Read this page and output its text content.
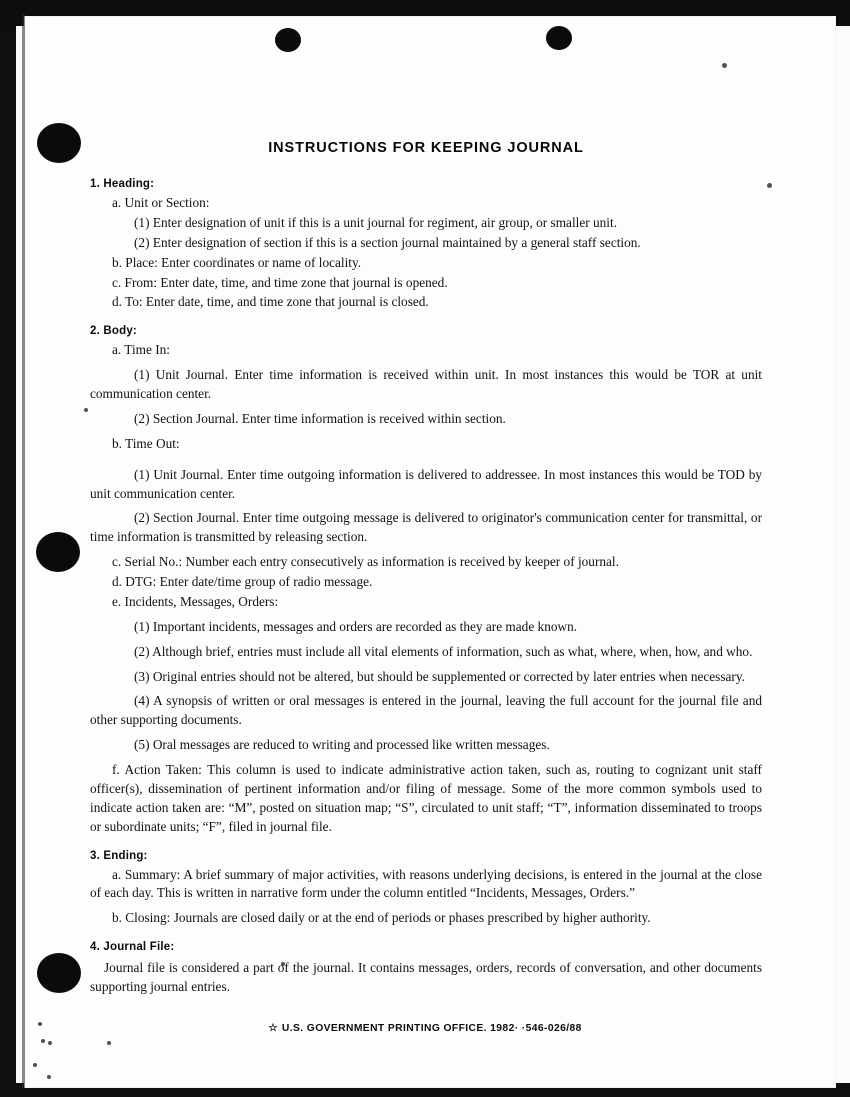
INSTRUCTIONS FOR KEEPING JOURNAL
1. Heading:

a. Unit or Section:

(1) Enter designation of unit if this is a unit journal for regiment, air group, or smaller unit.

(2) Enter designation of section if this is a section journal maintained by a general staff section.

b. Place: Enter coordinates or name of locality.

c. From: Enter date, time, and time zone that journal is opened.

d. To: Enter date, time, and time zone that journal is closed.

2. Body:

a. Time In:

(1) Unit Journal. Enter time information is received within unit. In most instances this would be TOR at unit communication center.

(2) Section Journal. Enter time information is received within section.

b. Time Out:

(1) Unit Journal. Enter time outgoing information is delivered to addressee. In most instances this would be TOD by unit communication center.

(2) Section Journal. Enter time outgoing message is delivered to originator's communication center for transmittal, or time information is transmitted by releasing section.

c. Serial No.: Number each entry consecutively as information is received by keeper of journal.

d. DTG: Enter date/time group of radio message.

e. Incidents, Messages, Orders:

(1) Important incidents, messages and orders are recorded as they are made known.

(2) Although brief, entries must include all vital elements of information, such as what, where, when, how, and who.

(3) Original entries should not be altered, but should be supplemented or corrected by later entries when necessary.

(4) A synopsis of written or oral messages is entered in the journal, leaving the full account for the journal file and other supporting documents.

(5) Oral messages are reduced to writing and processed like written messages.

f. Action Taken: This column is used to indicate administrative action taken, such as, routing to cognizant unit staff officer(s), dissemination of pertinent information and/or filing of message. Some of the more common symbols used to indicate action taken are: “M”, posted on situation map; “S”, circulated to unit staff; “T”, information disseminated to troops or subordinate units; “F”, filed in journal file.

3. Ending:

a. Summary: A brief summary of major activities, with reasons underlying decisions, is entered in the journal at the close of each day. This is written in narrative form under the column entitled “Incidents, Messages, Orders.”

b. Closing: Journals are closed daily or at the end of periods or phases prescribed by higher authority.

4. Journal File:

Journal file is considered a part of the journal. It contains messages, orders, records of conversation, and other documents supporting journal entries.

☆ U.S. GOVERNMENT PRINTING OFFICE. 1982· ·546-026/88
